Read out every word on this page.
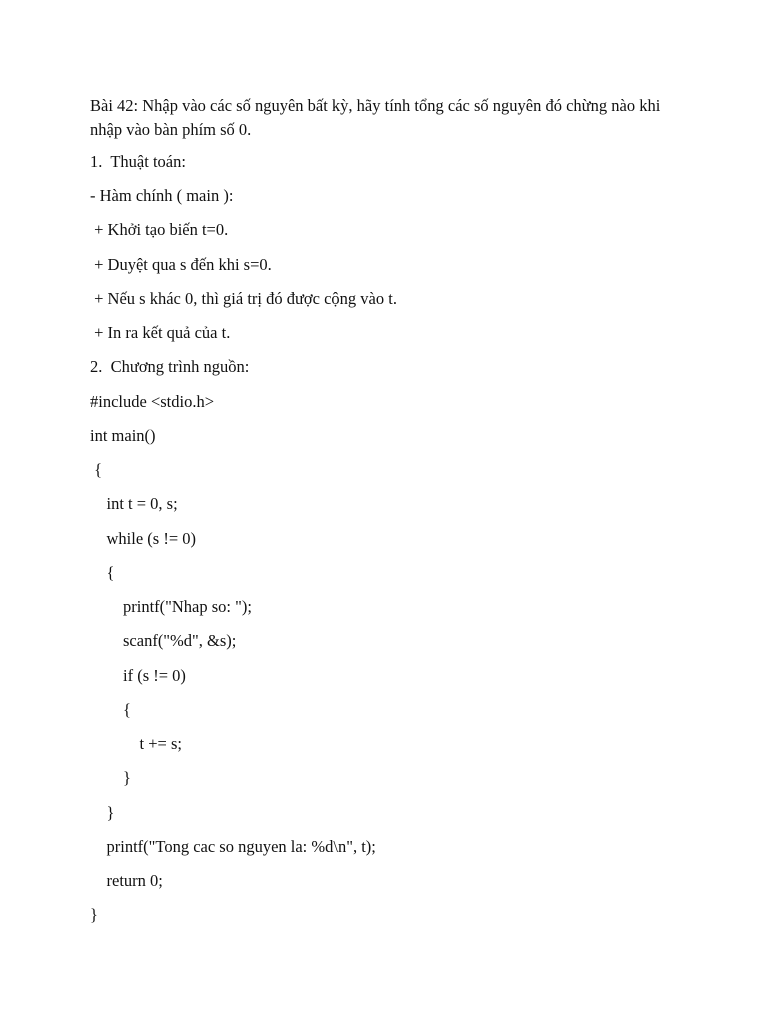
Bài 42: Nhập vào các số nguyên bất kỳ, hãy tính tổng các số nguyên đó chừng nào khi nhập vào bàn phím số 0.
1.  Thuật toán:
- Hàm chính ( main ):
+ Khởi tạo biến t=0.
+ Duyệt qua s đến khi s=0.
+ Nếu s khác 0, thì giá trị đó được cộng vào t.
+ In ra kết quả của t.
2.  Chương trình nguồn:
#include <stdio.h>
int main()
{
int t = 0, s;
while (s != 0)
{
printf("Nhap so: ");
scanf("%d", &s);
if (s != 0)
{
t += s;
}
}
printf("Tong cac so nguyen la: %d\n", t);
return 0;
}
